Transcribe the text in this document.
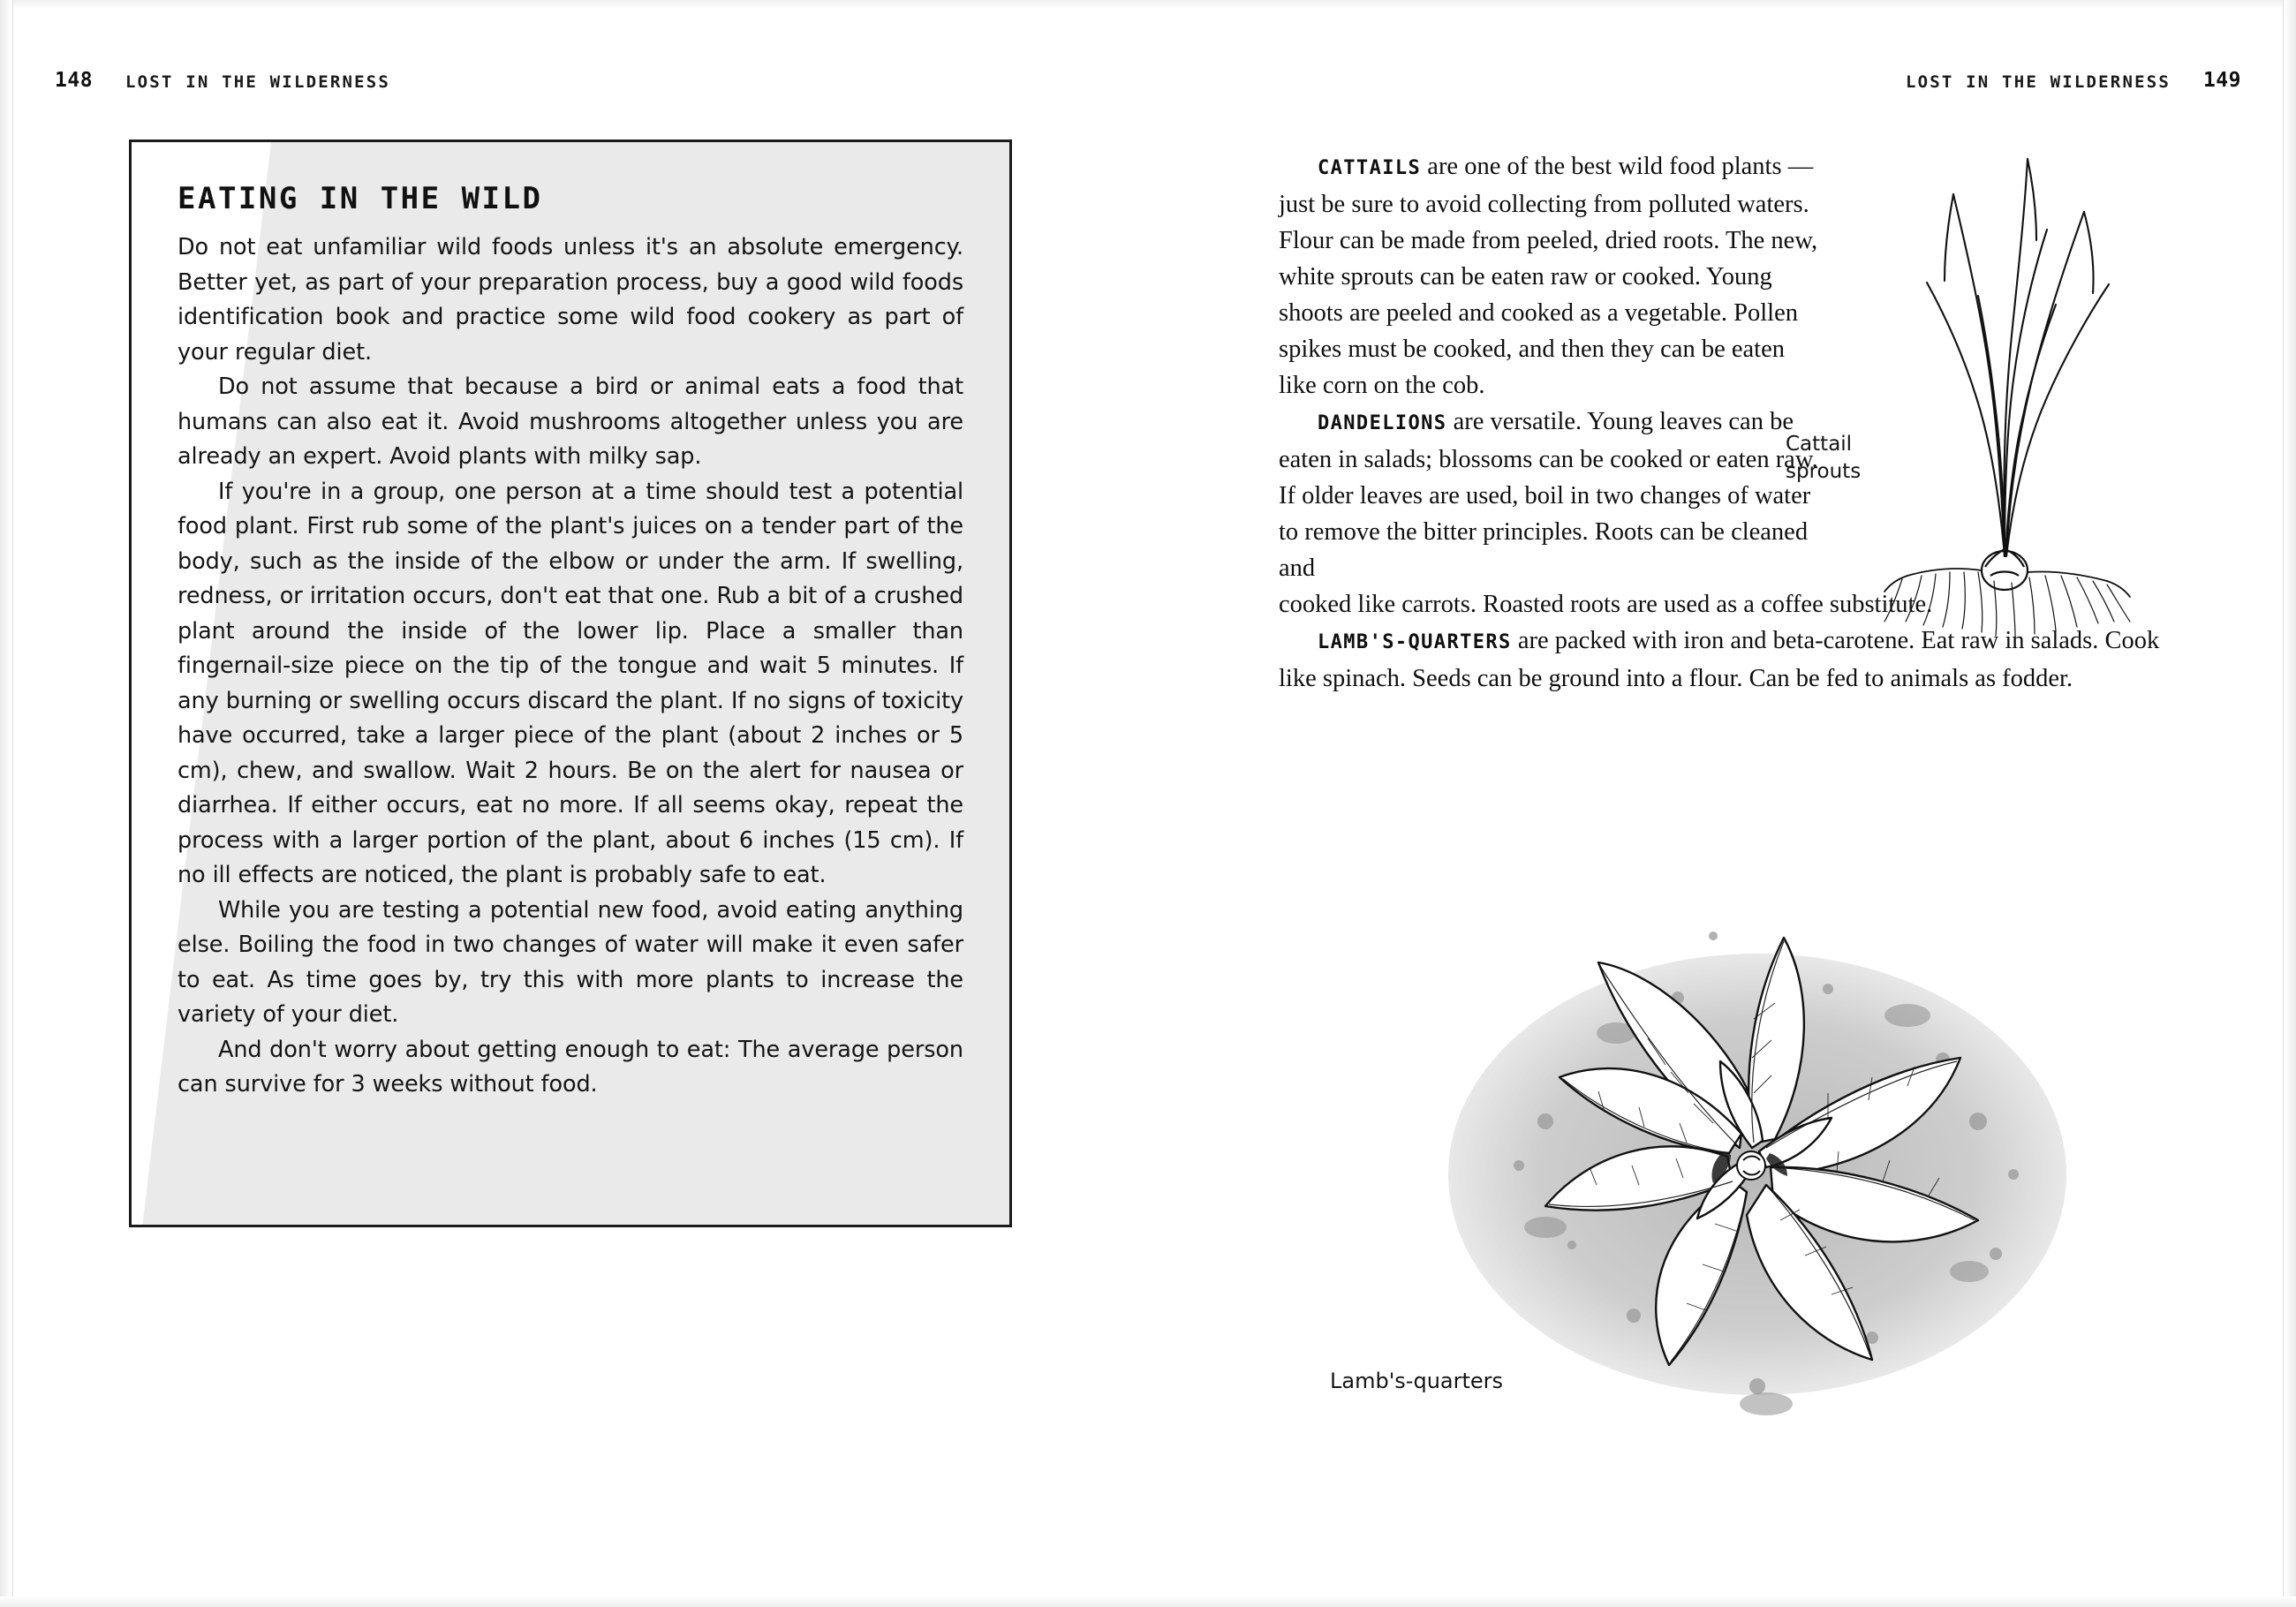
148 LOST IN THE WILDERNESS
EATING IN THE WILD

Do not eat unfamiliar wild foods unless it's an absolute emergency. Better yet, as part of your preparation process, buy a good wild foods identification book and practice some wild food cookery as part of your regular diet.

Do not assume that because a bird or animal eats a food that humans can also eat it. Avoid mushrooms altogether unless you are already an expert. Avoid plants with milky sap.

If you're in a group, one person at a time should test a potential food plant. First rub some of the plant's juices on a tender part of the body, such as the inside of the elbow or under the arm. If swelling, redness, or irritation occurs, don't eat that one. Rub a bit of a crushed plant around the inside of the lower lip. Place a smaller than fingernail-size piece on the tip of the tongue and wait 5 minutes. If any burning or swelling occurs discard the plant. If no signs of toxicity have occurred, take a larger piece of the plant (about 2 inches or 5 cm), chew, and swallow. Wait 2 hours. Be on the alert for nausea or diarrhea. If either occurs, eat no more. If all seems okay, repeat the process with a larger portion of the plant, about 6 inches (15 cm). If no ill effects are noticed, the plant is probably safe to eat.

While you are testing a potential new food, avoid eating anything else. Boiling the food in two changes of water will make it even safer to eat. As time goes by, try this with more plants to increase the variety of your diet.

And don't worry about getting enough to eat: The average person can survive for 3 weeks without food.

LOST IN THE WILDERNESS 149

CATTAILS are one of the best wild food plants — just be sure to avoid collecting from polluted waters. Flour can be made from peeled, dried roots. The new, white sprouts can be eaten raw or cooked. Young shoots are peeled and cooked as a vegetable. Pollen spikes must be cooked, and then they can be eaten like corn on the cob.

DANDELIONS are versatile. Young leaves can be eaten in salads; blossoms can be cooked or eaten raw. If older leaves are used, boil in two changes of water to remove the bitter principles. Roots can be cleaned and

cooked like carrots. Roasted roots are used as a coffee substitute.

LAMB'S-QUARTERS are packed with iron and beta-carotene. Eat raw in salads. Cook like spinach. Seeds can be ground into a flour. Can be fed to animals as fodder.

Cattail
sprouts
Lamb's-quarters
